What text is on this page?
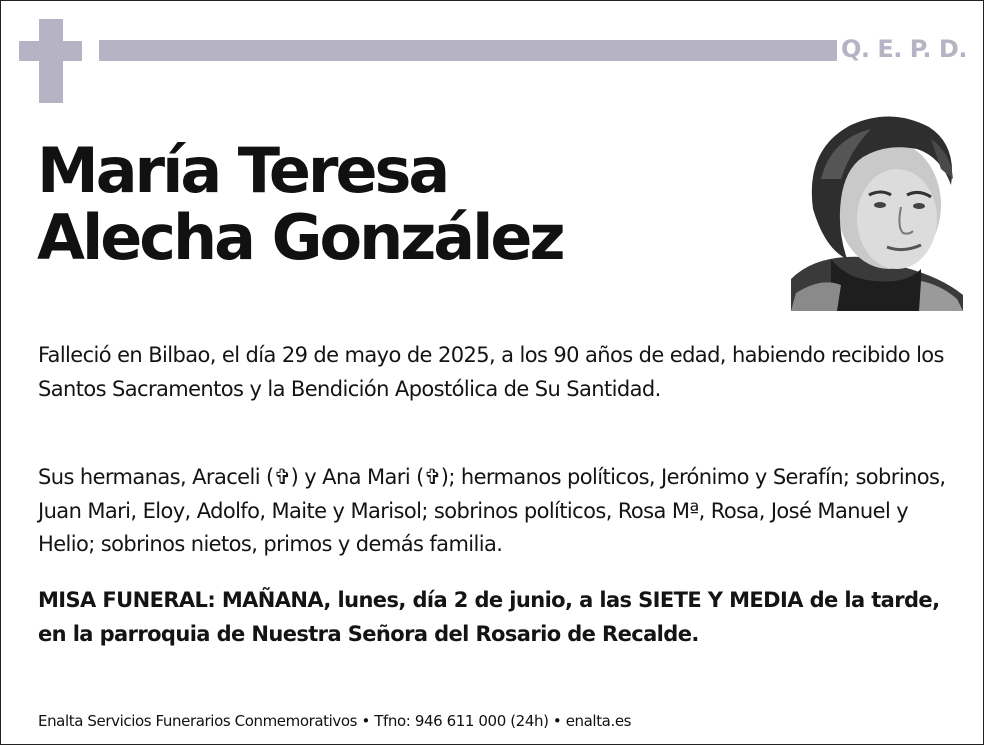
Q. E. P. D.
María Teresa
Alecha González
Falleció en Bilbao, el día 29 de mayo de 2025, a los 90 años de edad, habiendo recibido los Santos Sacramentos y la Bendición Apostólica de Su Santidad.
Sus hermanas, Araceli (✞) y Ana Mari (✞); hermanos políticos, Jerónimo y Serafín; sobrinos, Juan Mari, Eloy, Adolfo, Maite y Marisol; sobrinos políticos, Rosa Mª, Rosa, José Manuel y Helio; sobrinos nietos, primos y demás familia.
MISA FUNERAL: MAÑANA, lunes, día 2 de junio, a las SIETE Y MEDIA de la tarde, en la parroquia de Nuestra Señora del Rosario de Recalde.
Enalta Servicios Funerarios Conmemorativos • Tfno: 946 611 000 (24h) • enalta.es
